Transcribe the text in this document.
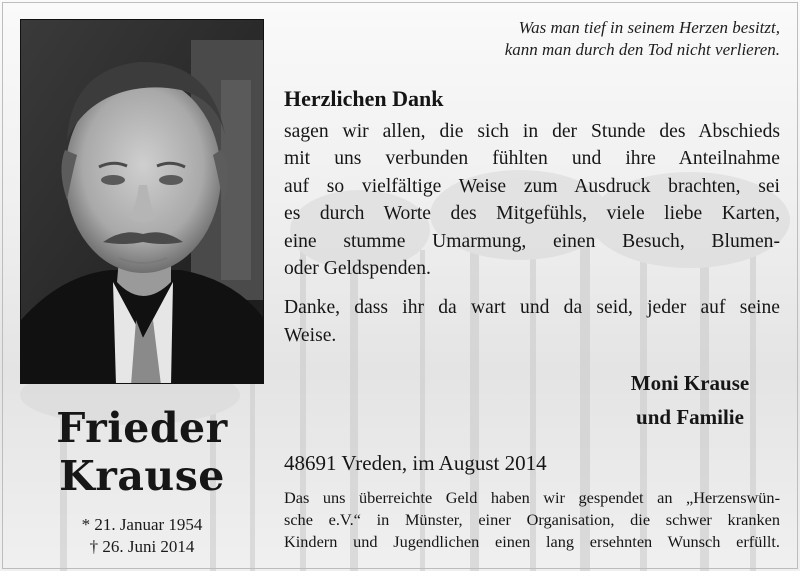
Was man tief in seinem Herzen besitzt,
kann man durch den Tod nicht verlieren.
Herzlichen Dank
sagen wir allen, die sich in der Stunde des Abschieds
mit uns verbunden fühlten und ihre Anteilnahme
auf so vielfältige Weise zum Ausdruck brachten, sei
es durch Worte des Mitgefühls, viele liebe Karten,
eine stumme Umarmung, einen Besuch, Blumen-
oder Geldspenden.
Danke, dass ihr da wart und da seid, jeder auf seine
Weise.
Moni Krause
und Familie
Frieder
Krause
* 21. Januar 1954
† 26. Juni 2014
48691 Vreden, im August 2014
Das uns überreichte Geld haben wir gespendet an „Herzenswün-
sche e.V.“ in Münster, einer Organisation, die schwer kranken
Kindern und Jugendlichen einen lang ersehnten Wunsch erfüllt.
